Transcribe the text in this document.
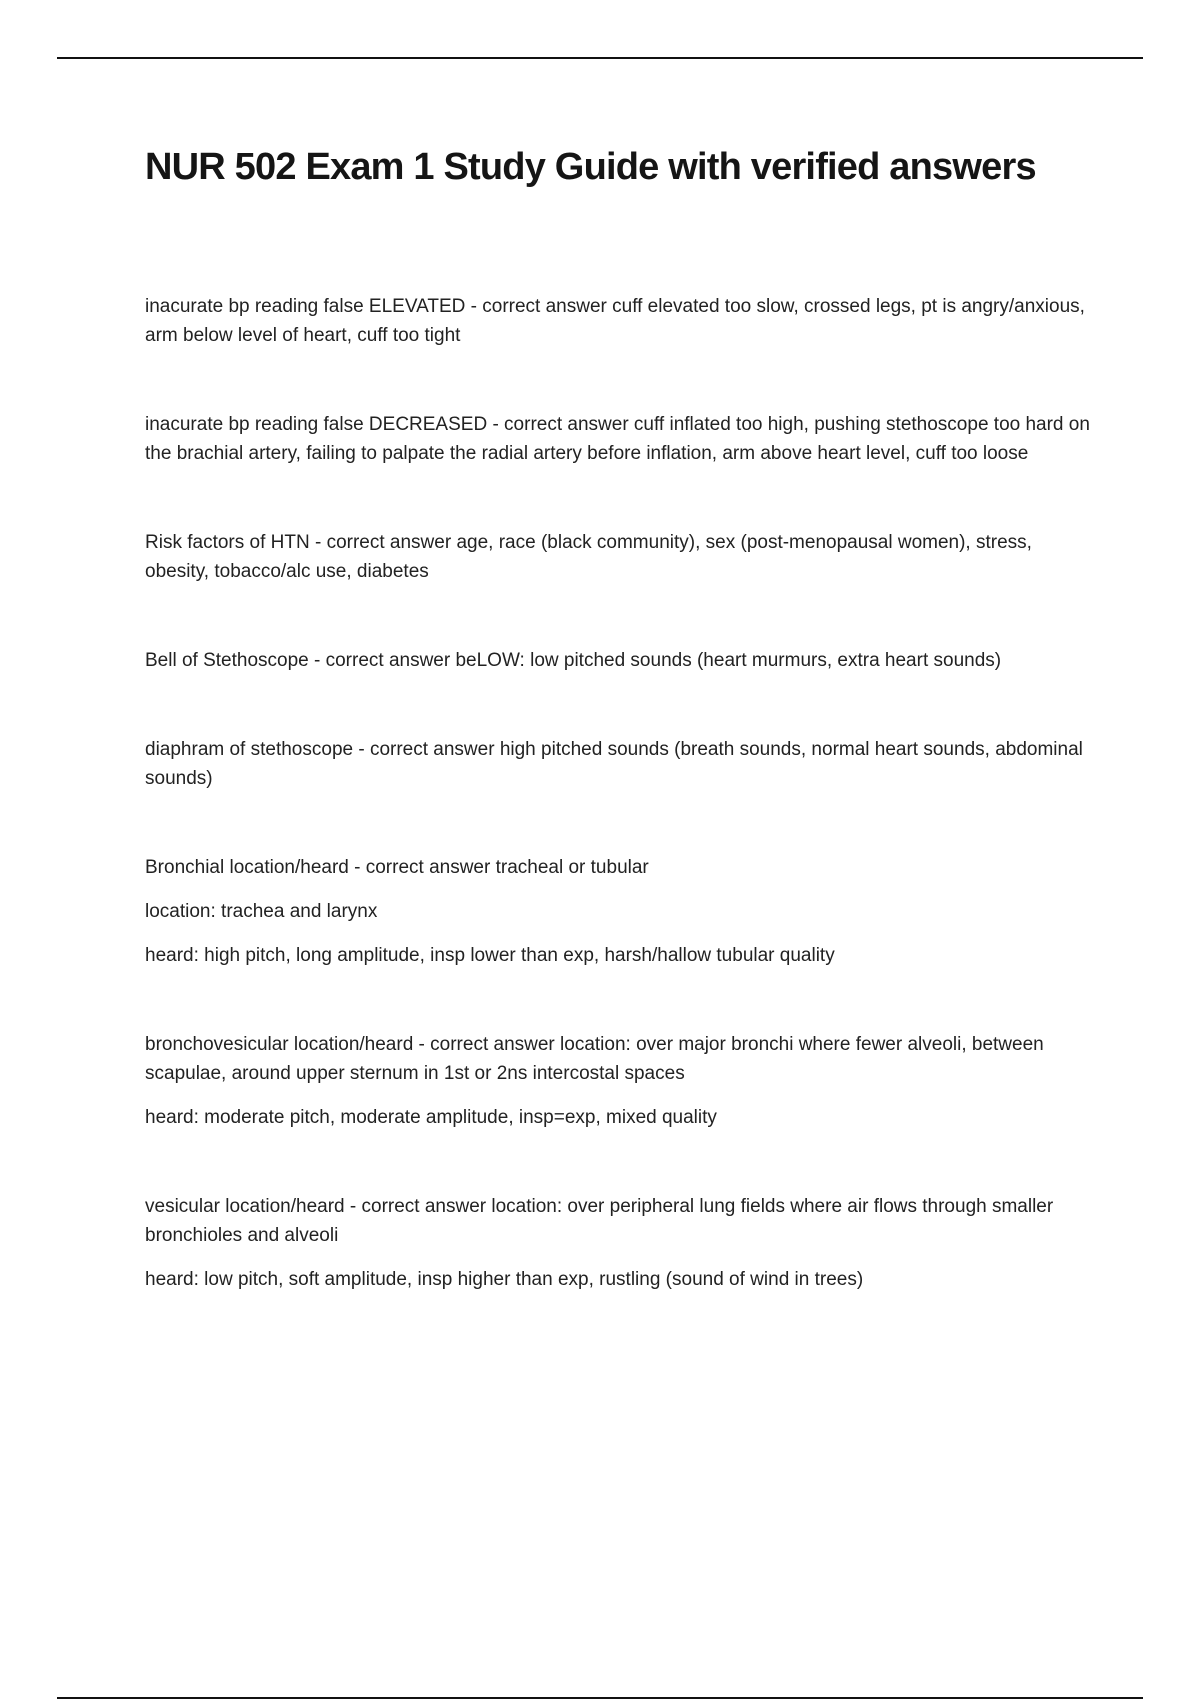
NUR 502 Exam 1 Study Guide with verified answers

inacurate bp reading false ELEVATED - correct answer cuff elevated too slow, crossed legs, pt is angry/anxious, arm below level of heart, cuff too tight

inacurate bp reading false DECREASED - correct answer cuff inflated too high, pushing stethoscope too hard on the brachial artery, failing to palpate the radial artery before inflation, arm above heart level, cuff too loose

Risk factors of HTN - correct answer age, race (black community), sex (post-menopausal women), stress, obesity, tobacco/alc use, diabetes

Bell of Stethoscope - correct answer beLOW: low pitched sounds (heart murmurs, extra heart sounds)

diaphram of stethoscope - correct answer high pitched sounds (breath sounds, normal heart sounds, abdominal sounds)

Bronchial location/heard - correct answer tracheal or tubular

location: trachea and larynx

heard: high pitch, long amplitude, insp lower than exp, harsh/hallow tubular quality

bronchovesicular location/heard - correct answer location: over major bronchi where fewer alveoli, between scapulae, around upper sternum in 1st or 2ns intercostal spaces

heard: moderate pitch, moderate amplitude, insp=exp, mixed quality

vesicular location/heard - correct answer location: over peripheral lung fields where air flows through smaller bronchioles and alveoli

heard: low pitch, soft amplitude, insp higher than exp, rustling (sound of wind in trees)
